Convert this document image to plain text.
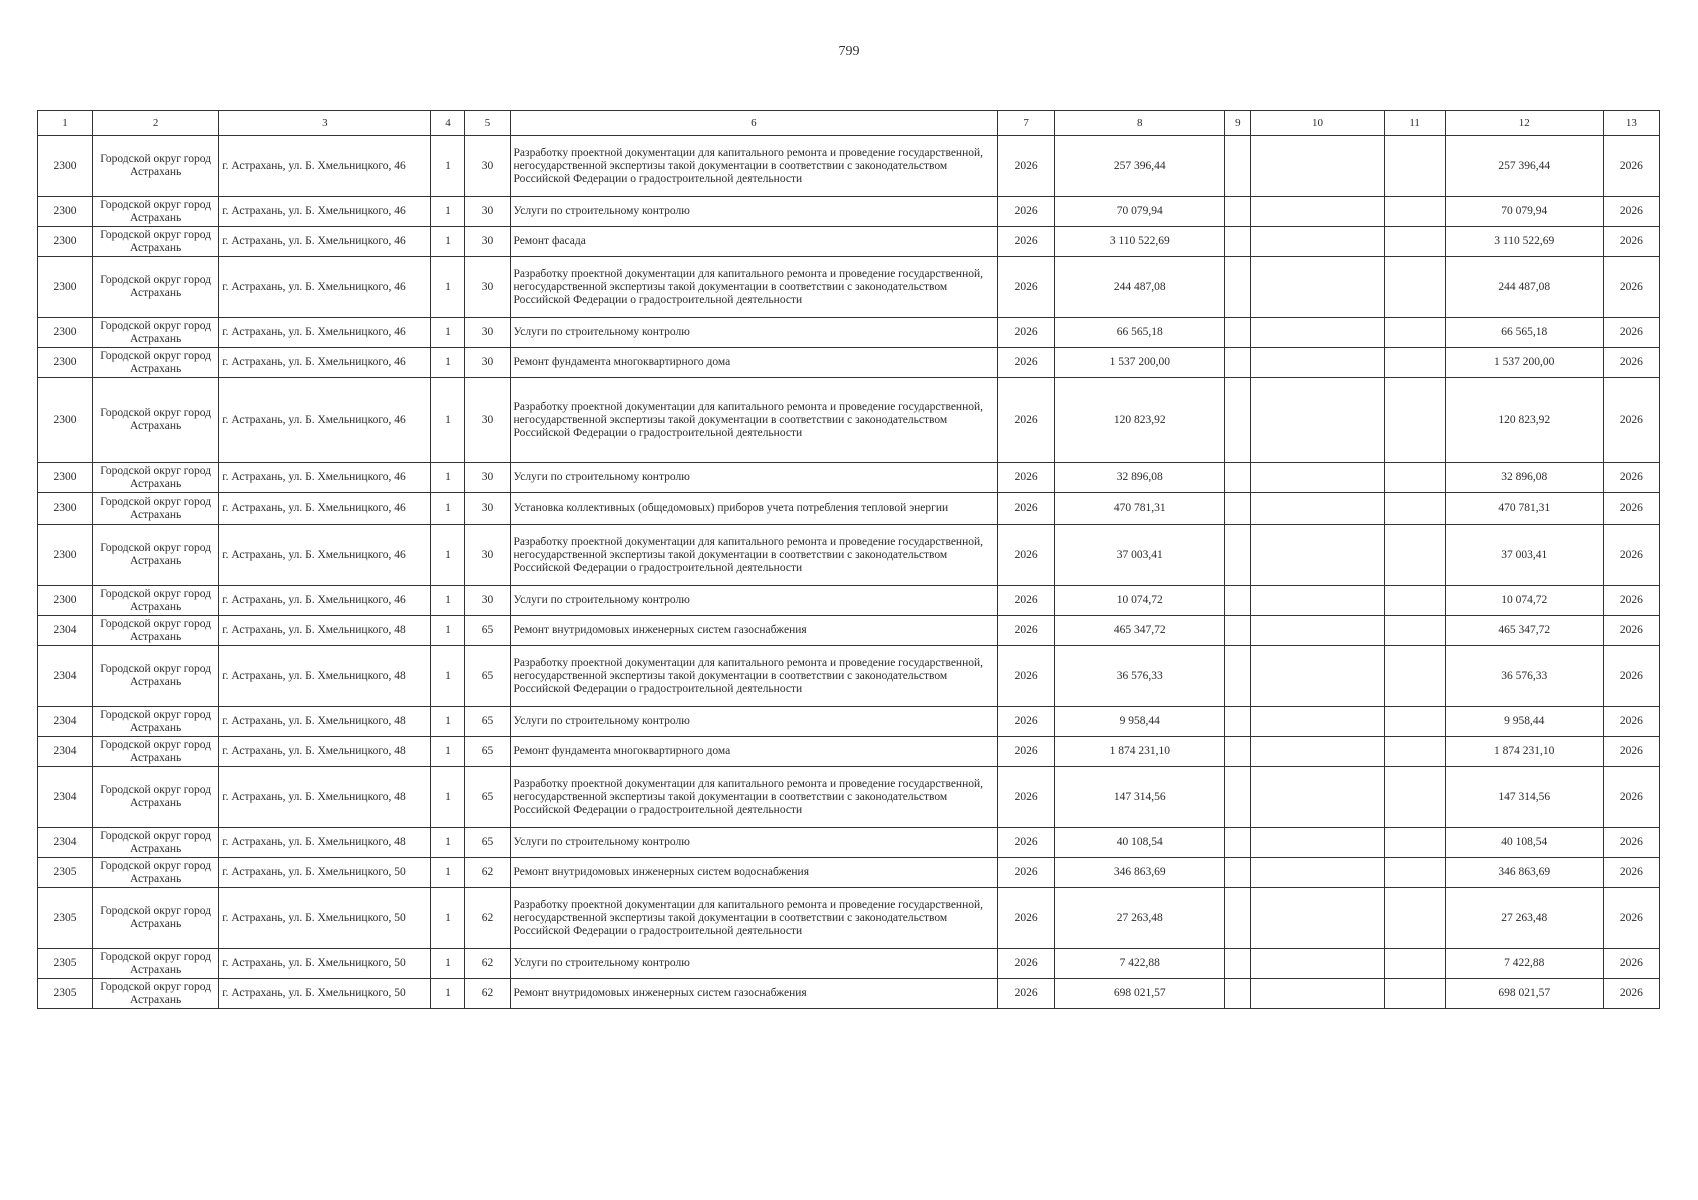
799
1	2	3	4	5	6	7	8	9	10	11	12	13
2300	Городской округ город Астрахань	г. Астрахань, ул. Б. Хмельницкого, 46	1	30	Разработку проектной документации для капитального ремонта и проведение государственной, негосударственной экспертизы такой документации в соответствии с законодательством Российской Федерации о градостроительной деятельности	2026	257 396,44				257 396,44	2026
2300	Городской округ город Астрахань	г. Астрахань, ул. Б. Хмельницкого, 46	1	30	Услуги по строительному контролю	2026	70 079,94				70 079,94	2026
2300	Городской округ город Астрахань	г. Астрахань, ул. Б. Хмельницкого, 46	1	30	Ремонт фасада	2026	3 110 522,69				3 110 522,69	2026
2300	Городской округ город Астрахань	г. Астрахань, ул. Б. Хмельницкого, 46	1	30	Разработку проектной документации для капитального ремонта и проведение государственной, негосударственной экспертизы такой документации в соответствии с законодательством Российской Федерации о градостроительной деятельности	2026	244 487,08				244 487,08	2026
2300	Городской округ город Астрахань	г. Астрахань, ул. Б. Хмельницкого, 46	1	30	Услуги по строительному контролю	2026	66 565,18				66 565,18	2026
2300	Городской округ город Астрахань	г. Астрахань, ул. Б. Хмельницкого, 46	1	30	Ремонт фундамента многоквартирного дома	2026	1 537 200,00				1 537 200,00	2026
2300	Городской округ город Астрахань	г. Астрахань, ул. Б. Хмельницкого, 46	1	30	Разработку проектной документации для капитального ремонта и проведение государственной, негосударственной экспертизы такой документации в соответствии с законодательством Российской Федерации о градостроительной деятельности	2026	120 823,92				120 823,92	2026
2300	Городской округ город Астрахань	г. Астрахань, ул. Б. Хмельницкого, 46	1	30	Услуги по строительному контролю	2026	32 896,08				32 896,08	2026
2300	Городской округ город Астрахань	г. Астрахань, ул. Б. Хмельницкого, 46	1	30	Установка коллективных (общедомовых) приборов учета потребления тепловой энергии	2026	470 781,31				470 781,31	2026
2300	Городской округ город Астрахань	г. Астрахань, ул. Б. Хмельницкого, 46	1	30	Разработку проектной документации для капитального ремонта и проведение государственной, негосударственной экспертизы такой документации в соответствии с законодательством Российской Федерации о градостроительной деятельности	2026	37 003,41				37 003,41	2026
2300	Городской округ город Астрахань	г. Астрахань, ул. Б. Хмельницкого, 46	1	30	Услуги по строительному контролю	2026	10 074,72				10 074,72	2026
2304	Городской округ город Астрахань	г. Астрахань, ул. Б. Хмельницкого, 48	1	65	Ремонт внутридомовых инженерных систем газоснабжения	2026	465 347,72				465 347,72	2026
2304	Городской округ город Астрахань	г. Астрахань, ул. Б. Хмельницкого, 48	1	65	Разработку проектной документации для капитального ремонта и проведение государственной, негосударственной экспертизы такой документации в соответствии с законодательством Российской Федерации о градостроительной деятельности	2026	36 576,33				36 576,33	2026
2304	Городской округ город Астрахань	г. Астрахань, ул. Б. Хмельницкого, 48	1	65	Услуги по строительному контролю	2026	9 958,44				9 958,44	2026
2304	Городской округ город Астрахань	г. Астрахань, ул. Б. Хмельницкого, 48	1	65	Ремонт фундамента многоквартирного дома	2026	1 874 231,10				1 874 231,10	2026
2304	Городской округ город Астрахань	г. Астрахань, ул. Б. Хмельницкого, 48	1	65	Разработку проектной документации для капитального ремонта и проведение государственной, негосударственной экспертизы такой документации в соответствии с законодательством Российской Федерации о градостроительной деятельности	2026	147 314,56				147 314,56	2026
2304	Городской округ город Астрахань	г. Астрахань, ул. Б. Хмельницкого, 48	1	65	Услуги по строительному контролю	2026	40 108,54				40 108,54	2026
2305	Городской округ город Астрахань	г. Астрахань, ул. Б. Хмельницкого, 50	1	62	Ремонт внутридомовых инженерных систем водоснабжения	2026	346 863,69				346 863,69	2026
2305	Городской округ город Астрахань	г. Астрахань, ул. Б. Хмельницкого, 50	1	62	Разработку проектной документации для капитального ремонта и проведение государственной, негосударственной экспертизы такой документации в соответствии с законодательством Российской Федерации о градостроительной деятельности	2026	27 263,48				27 263,48	2026
2305	Городской округ город Астрахань	г. Астрахань, ул. Б. Хмельницкого, 50	1	62	Услуги по строительному контролю	2026	7 422,88				7 422,88	2026
2305	Городской округ город Астрахань	г. Астрахань, ул. Б. Хмельницкого, 50	1	62	Ремонт внутридомовых инженерных систем газоснабжения	2026	698 021,57				698 021,57	2026
